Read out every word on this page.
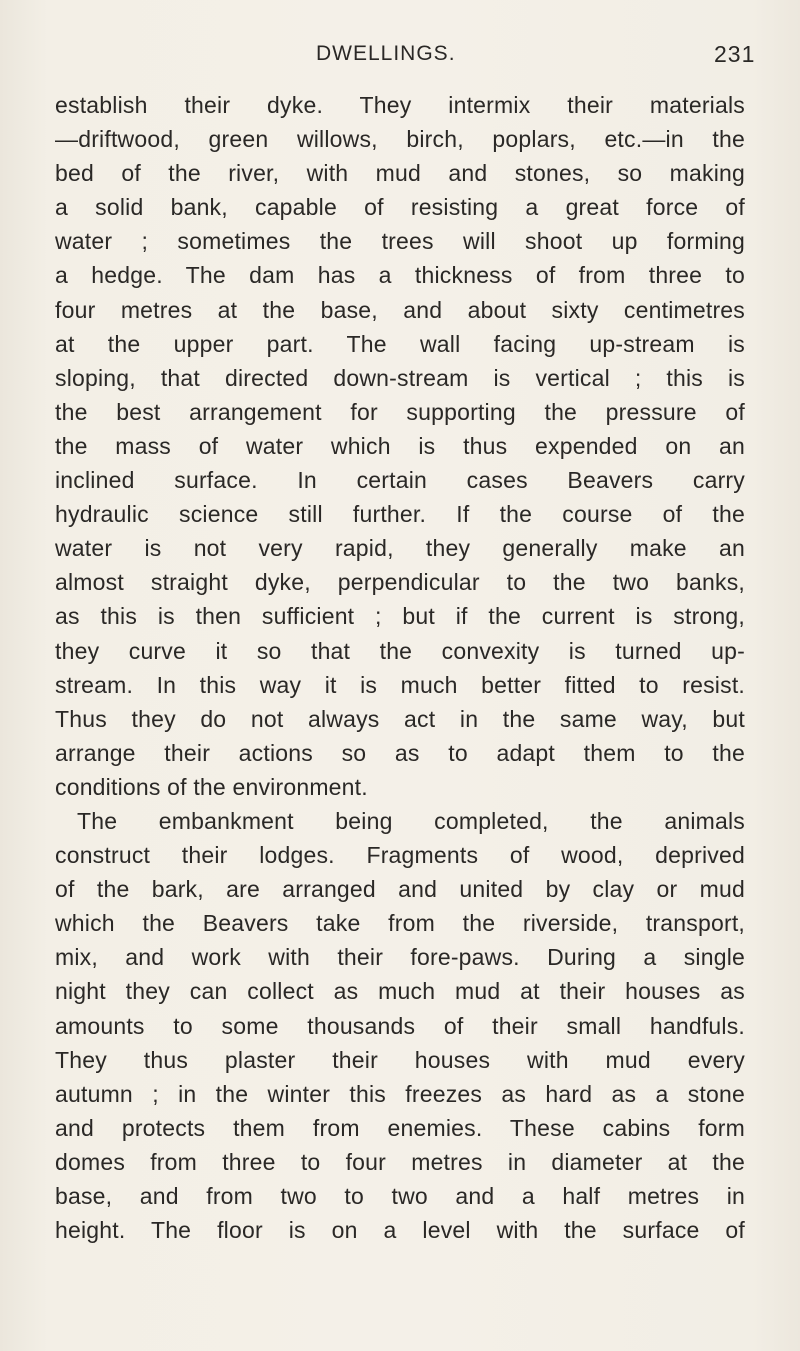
DWELLINGS.	231
establish their dyke. They intermix their materials
—driftwood, green willows, birch, poplars, etc.—in the
bed of the river, with mud and stones, so making
a solid bank, capable of resisting a great force of
water ; sometimes the trees will shoot up forming
a hedge. The dam has a thickness of from three to
four metres at the base, and about sixty centimetres
at the upper part. The wall facing up-stream is
sloping, that directed down-stream is vertical ; this is
the best arrangement for supporting the pressure of
the mass of water which is thus expended on an
inclined surface. In certain cases Beavers carry
hydraulic science still further. If the course of the
water is not very rapid, they generally make an
almost straight dyke, perpendicular to the two banks,
as this is then sufficient ; but if the current is strong,
they curve it so that the convexity is turned up-
stream. In this way it is much better fitted to resist.
Thus they do not always act in the same way, but
arrange their actions so as to adapt them to the
conditions of the environment.
The embankment being completed, the animals
construct their lodges. Fragments of wood, deprived
of the bark, are arranged and united by clay or mud
which the Beavers take from the riverside, transport,
mix, and work with their fore-paws. During a single
night they can collect as much mud at their houses as
amounts to some thousands of their small handfuls.
They thus plaster their houses with mud every
autumn ; in the winter this freezes as hard as a stone
and protects them from enemies. These cabins form
domes from three to four metres in diameter at the
base, and from two to two and a half metres in
height. The floor is on a level with the surface of
